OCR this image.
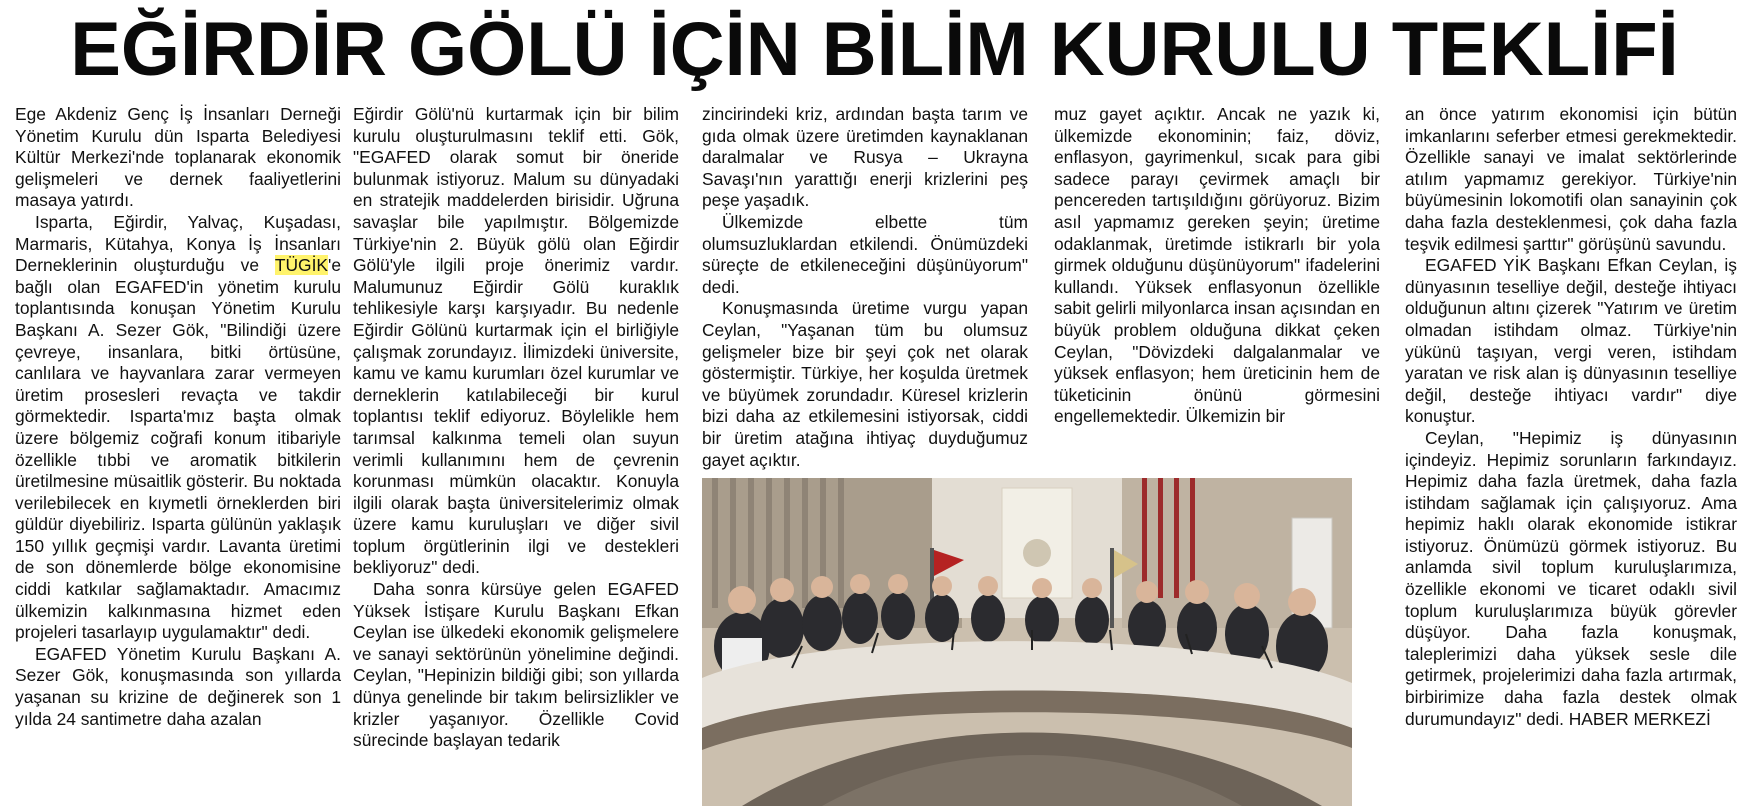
EĞİRDİR GÖLÜ İÇİN BİLİM KURULU TEKLİFİ

Ege Akdeniz Genç İş İnsanları Derneği Yönetim Kurulu dün Isparta Belediyesi Kültür Merkezi'nde toplanarak ekonomik gelişmeleri ve dernek faaliyetlerini masaya yatırdı.

Isparta, Eğirdir, Yalvaç, Kuşadası, Marmaris, Kütahya, Konya İş İnsanları Derneklerinin oluşturduğu ve TÜGİK'e bağlı olan EGAFED'in yönetim kurulu toplantısında konuşan Yönetim Kurulu Başkanı A. Sezer Gök, "Bilindiği üzere çevreye, insanlara, bitki örtüsüne, canlılara ve hayvanlara zarar vermeyen üretim prosesleri revaçta ve takdir görmektedir. Isparta'mız başta olmak üzere bölgemiz coğrafi konum itibariyle özellikle tıbbi ve aromatik bitkilerin üretilmesine müsaitlik gösterir. Bu noktada verilebilecek en kıymetli örneklerden biri güldür diyebiliriz. Isparta gülünün yaklaşık 150 yıllık geçmişi vardır. Lavanta üretimi de son dönemlerde bölge ekonomisine ciddi katkılar sağlamaktadır. Amacımız ülkemizin kalkınmasına hizmet eden projeleri tasarlayıp uygulamaktır" dedi.

EGAFED Yönetim Kurulu Başkanı A. Sezer Gök, konuşmasında son yıllarda yaşanan su krizine de değinerek son 1 yılda 24 santimetre daha azalan

Eğirdir Gölü'nü kurtarmak için bir bilim kurulu oluşturulmasını teklif etti. Gök, "EGAFED olarak somut bir öneride bulunmak istiyoruz. Malum su dünyadaki en stratejik maddelerden birisidir. Uğruna savaşlar bile yapılmıştır. Bölgemizde Türkiye'nin 2. Büyük gölü olan Eğirdir Gölü'yle ilgili proje önerimiz vardır. Malumunuz Eğirdir Gölü kuraklık tehlikesiyle karşı karşıyadır. Bu nedenle Eğirdir Gölünü kurtarmak için el birliğiyle çalışmak zorundayız. İlimizdeki üniversite, kamu ve kamu kurumları özel kurumlar ve derneklerin katılabileceği bir kurul toplantısı teklif ediyoruz. Böylelikle hem tarımsal kalkınma temeli olan suyun verimli kullanımını hem de çevrenin korunması mümkün olacaktır. Konuyla ilgili olarak başta üniversitelerimiz olmak üzere kamu kuruluşları ve diğer sivil toplum örgütlerinin ilgi ve destekleri bekliyoruz" dedi.

Daha sonra kürsüye gelen EGAFED Yüksek İstişare Kurulu Başkanı Efkan Ceylan ise ülkedeki ekonomik gelişmelere ve sanayi sektörünün yönelimine değindi. Ceylan, "Hepinizin bildiği gibi; son yıllarda dünya genelinde bir takım belirsizlikler ve krizler yaşanıyor. Özellikle Covid sürecinde başlayan tedarik

zincirindeki kriz, ardından başta tarım ve gıda olmak üzere üretimden kaynaklanan daralmalar ve Rusya – Ukrayna Savaşı'nın yarattığı enerji krizlerini peş peşe yaşadık.

Ülkemizde elbette tüm olumsuzluklardan etkilendi. Önümüzdeki süreçte de etkileneceğini düşünüyorum" dedi.

Konuşmasında üretime vurgu yapan Ceylan, "Yaşanan tüm bu olumsuz gelişmeler bize bir şeyi çok net olarak göstermiştir. Türkiye, her koşulda üretmek ve büyümek zorundadır. Küresel krizlerin bizi daha az etkilemesini istiyorsak, ciddi bir üretim atağına ihtiyaç duyduğumuz gayet açıktır.

muz gayet açıktır. Ancak ne yazık ki, ülkemizde ekonominin; faiz, döviz, enflasyon, gayrimenkul, sıcak para gibi sadece parayı çevirmek amaçlı bir pencereden tartışıldığını görüyoruz. Bizim asıl yapmamız gereken şeyin; üretime odaklanmak, üretimde istikrarlı bir yola girmek olduğunu düşünüyorum" ifadelerini kullandı. Yüksek enflasyonun özellikle sabit gelirli milyonlarca insan açısından en büyük problem olduğuna dikkat çeken Ceylan, "Dövizdeki dalgalanmalar ve yüksek enflasyon; hem üreticinin hem de tüketicinin önünü görmesini engellemektedir. Ülkemizin bir

an önce yatırım ekonomisi için bütün imkanlarını seferber etmesi gerekmektedir. Özellikle sanayi ve imalat sektörlerinde atılım yapmamız gerekiyor. Türkiye'nin büyümesinin lokomotifi olan sanayinin çok daha fazla desteklenmesi, çok daha fazla teşvik edilmesi şarttır" görüşünü savundu.

EGAFED YİK Başkanı Efkan Ceylan, iş dünyasının teselliye değil, desteğe ihtiyacı olduğunun altını çizerek "Yatırım ve üretim olmadan istihdam olmaz. Türkiye'nin yükünü taşıyan, vergi veren, istihdam yaratan ve risk alan iş dünyasının teselliye değil, desteğe ihtiyacı vardır" diye konuştur.

Ceylan, "Hepimiz iş dünyasının içindeyiz. Hepimiz sorunların farkındayız. Hepimiz daha fazla üretmek, daha fazla istihdam sağlamak için çalışıyoruz. Ama hepimiz haklı olarak ekonomide istikrar istiyoruz. Önümüzü görmek istiyoruz. Bu anlamda sivil toplum kuruluşlarımıza, özellikle ekonomi ve ticaret odaklı sivil toplum kuruluşlarımıza büyük görevler düşüyor. Daha fazla konuşmak, taleplerimizi daha yüksek sesle dile getirmek, projelerimizi daha fazla artırmak, birbirimize daha fazla destek olmak durumundayız" dedi. HABER MERKEZİ
